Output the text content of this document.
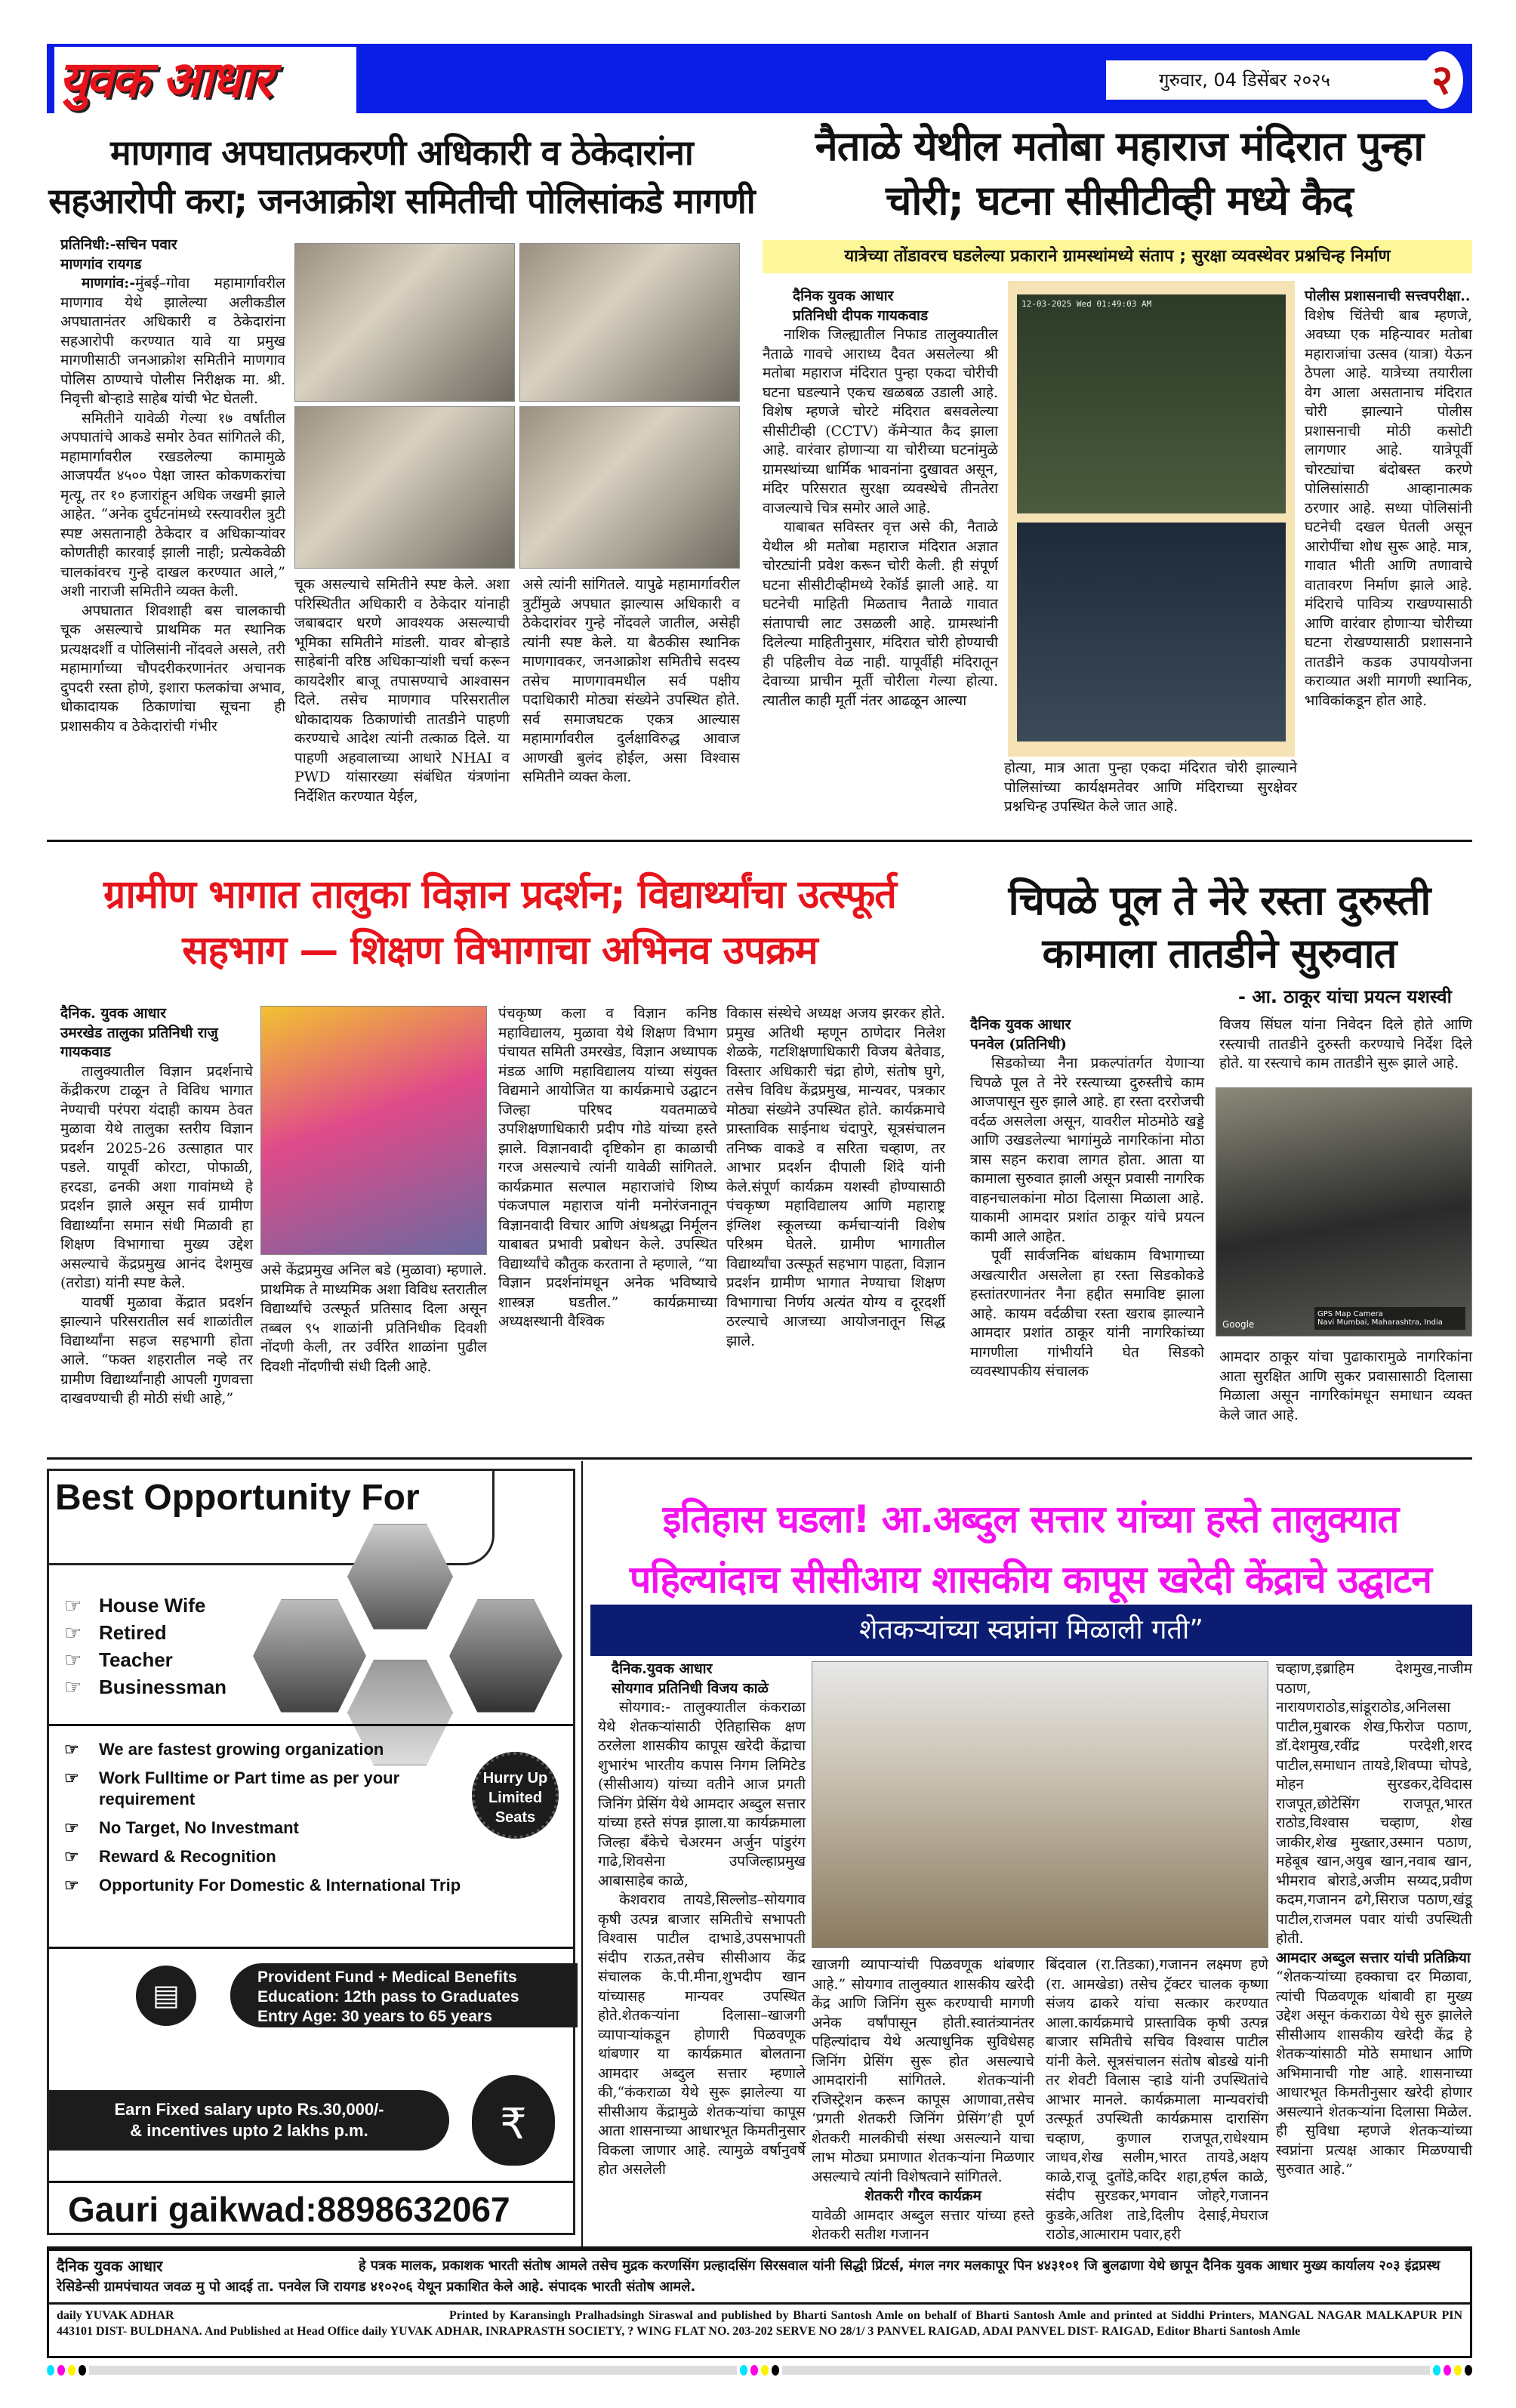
युवक आधार	गुरुवार, 04 डिसेंबर २०२५	२
माणगाव अपघातप्रकरणी अधिकारी व ठेकेदारांना
सहआरोपी करा; जनआक्रोश समितीची पोलिसांकडे मागणी
प्रतिनिधी:-सचिन पवार
माणगांव रायगड

माणगांव:-मुंबई–गोवा महामार्गावरील माणगाव येथे झालेल्या अलीकडील अपघातानंतर अधिकारी व ठेकेदारांना सहआरोपी करण्यात यावे या प्रमुख मागणीसाठी जनआक्रोश समितीने माणगाव पोलिस ठाण्याचे पोलीस निरीक्षक मा. श्री. निवृत्ती बोऱ्हाडे साहेब यांची भेट घेतली.

समितीने यावेळी गेल्या १७ वर्षांतील अपघातांचे आकडे समोर ठेवत सांगितले की, महामार्गावरील रखडलेल्या कामामुळे आजपर्यंत ४५०० पेक्षा जास्त कोकणकरांचा मृत्यू, तर १० हजारांहून अधिक जखमी झाले आहेत. “अनेक दुर्घटनांमध्ये रस्त्यावरील त्रुटी स्पष्ट असतानाही ठेकेदार व अधिकाऱ्यांवर कोणतीही कारवाई झाली नाही; प्रत्येकवेळी चालकांवरच गुन्हे दाखल करण्यात आले,” अशी नाराजी समितीने व्यक्त केली.

अपघातात शिवशाही बस चालकाची चूक असल्याचे प्राथमिक मत स्थानिक प्रत्यक्षदर्शी व पोलिसांनी नोंदवले असले, तरी महामार्गाच्या चौपदरीकरणानंतर अचानक दुपदरी रस्ता होणे, इशारा फलकांचा अभाव, धोकादायक ठिकाणांचा सूचना ही प्रशासकीय व ठेकेदारांची गंभीर

चूक असल्याचे समितीने स्पष्ट केले. अशा परिस्थितीत अधिकारी व ठेकेदार यांनाही जबाबदार धरणे आवश्यक असल्याची भूमिका समितीने मांडली. यावर बोऱ्हाडे साहेबांनी वरिष्ठ अधिकाऱ्यांशी चर्चा करून कायदेशीर बाजू तपासण्याचे आश्वासन दिले. तसेच माणगाव परिसरातील धोकादायक ठिकाणांची तातडीने पाहणी करण्याचे आदेश त्यांनी तत्काळ दिले. या पाहणी अहवालाच्या आधारे NHAI व PWD यांसारख्या संबंधित यंत्रणांना निर्देशित करण्यात येईल,
असे त्यांनी सांगितले. यापुढे महामार्गावरील त्रुटींमुळे अपघात झाल्यास अधिकारी व ठेकेदारांवर गुन्हे नोंदवले जातील, असेही त्यांनी स्पष्ट केले. या बैठकीस स्थानिक माणगावकर, जनआक्रोश समितीचे सदस्य तसेच माणगावमधील सर्व पक्षीय पदाधिकारी मोठ्या संख्येने उपस्थित होते. सर्व समाजघटक एकत्र आल्यास महामार्गावरील दुर्लक्षाविरुद्ध आवाज आणखी बुलंद होईल, असा विश्वास समितीने व्यक्त केला.
नैताळे येथील मतोबा महाराज मंदिरात पुन्हा
चोरी; घटना सीसीटीव्ही मध्ये कैद
यात्रेच्या तोंडावरच घडलेल्या प्रकाराने ग्रामस्थांमध्ये संताप ; सुरक्षा व्यवस्थेवर प्रश्नचिन्ह निर्माण
दैनिक युवक आधार
प्रतिनिधी दीपक गायकवाड

नाशिक जिल्ह्यातील निफाड तालुक्यातील नैताळे गावचे आराध्य दैवत असलेल्या श्री मतोबा महाराज मंदिरात पुन्हा एकदा चोरीची घटना घडल्याने एकच खळबळ उडाली आहे. विशेष म्हणजे चोरटे मंदिरात बसवलेल्या सीसीटीव्ही (CCTV) कॅमेऱ्यात कैद झाला आहे. वारंवार होणाऱ्या या चोरीच्या घटनांमुळे ग्रामस्थांच्या धार्मिक भावनांना दुखावत असून, मंदिर परिसरात सुरक्षा व्यवस्थेचे तीनतेरा वाजल्याचे चित्र समोर आले आहे.

याबाबत सविस्तर वृत्त असे की, नैताळे येथील श्री मतोबा महाराज मंदिरात अज्ञात चोरट्यांनी प्रवेश करून चोरी केली. ही संपूर्ण घटना सीसीटीव्हीमध्ये रेकॉर्ड झाली आहे. या घटनेची माहिती मिळताच नैताळे गावात संतापाची लाट उसळली आहे. ग्रामस्थांनी दिलेल्या माहितीनुसार, मंदिरात चोरी होण्याची ही पहिलीच वेळ नाही. यापूर्वीही मंदिरातून देवाच्या प्राचीन मूर्ती चोरीला गेल्या होत्या. त्यातील काही मूर्ती नंतर आढळून आल्या

12-03-2025 Wed 01:49:03 AM
होत्या, मात्र आता पुन्हा एकदा मंदिरात चोरी झाल्याने पोलिसांच्या कार्यक्षमतेवर आणि मंदिराच्या सुरक्षेवर प्रश्नचिन्ह उपस्थित केले जात आहे.
पोलीस प्रशासनाची सत्त्वपरीक्षा..
विशेष चिंतेची बाब म्हणजे, अवघ्या एक महिन्यावर मतोबा महाराजांचा उत्सव (यात्रा) येऊन ठेपला आहे. यात्रेच्या तयारीला वेग आला असतानाच मंदिरात चोरी झाल्याने पोलीस प्रशासनाची मोठी कसोटी लागणार आहे. यात्रेपूर्वी चोरट्यांचा बंदोबस्त करणे पोलिसांसाठी आव्हानात्मक ठरणार आहे. सध्या पोलिसांनी घटनेची दखल घेतली असून आरोपींचा शोध सुरू आहे. मात्र, गावात भीती आणि तणावाचे वातावरण निर्माण झाले आहे. मंदिराचे पावित्र्य राखण्यासाठी आणि वारंवार होणाऱ्या चोरीच्या घटना रोखण्यासाठी प्रशासनाने तातडीने कडक उपाययोजना कराव्यात अशी मागणी स्थानिक, भाविकांकडून होत आहे.
ग्रामीण भागात तालुका विज्ञान प्रदर्शन; विद्यार्थ्यांचा उत्स्फूर्त
सहभाग — शिक्षण विभागाचा अभिनव उपक्रम
दैनिक. युवक आधार
उमरखेड तालुका प्रतिनिधी राजु गायकवाड

तालुक्यातील विज्ञान प्रदर्शनाचे केंद्रीकरण टाळून ते विविध भागात नेण्याची परंपरा यंदाही कायम ठेवत मुळावा येथे तालुका स्तरीय विज्ञान प्रदर्शन 2025-26 उत्साहात पार पडले. यापूर्वी कोरटा, पोफाळी, हरदडा, ढनकी अशा गावांमध्ये हे प्रदर्शन झाले असून सर्व ग्रामीण विद्यार्थ्यांना समान संधी मिळावी हा शिक्षण विभागाचा मुख्य उद्देश असल्याचे केंद्रप्रमुख आनंद देशमुख (तरोडा) यांनी स्पष्ट केले.

यावर्षी मुळावा केंद्रात प्रदर्शन झाल्याने परिसरातील सर्व शाळांतील विद्यार्थ्यांना सहज सहभागी होता आले. “फक्त शहरातील नव्हे तर ग्रामीण विद्यार्थ्यांनाही आपली गुणवत्ता दाखवण्याची ही मोठी संधी आहे,”

असे केंद्रप्रमुख अनिल बडे (मुळावा) म्हणाले. प्राथमिक ते माध्यमिक अशा विविध स्तरातील विद्यार्थ्यांचे उत्स्फूर्त प्रतिसाद दिला असून तब्बल ९५ शाळांनी प्रतिनिधीक दिवशी नोंदणी केली, तर उर्वरित शाळांना पुढील दिवशी नोंदणीची संधी दिली आहे.
पंचकृष्ण कला व विज्ञान कनिष्ठ महाविद्यालय, मुळावा येथे शिक्षण विभाग पंचायत समिती उमरखेड, विज्ञान अध्यापक मंडळ आणि महाविद्यालय यांच्या संयुक्त विद्यमाने आयोजित या कार्यक्रमाचे उद्घाटन जिल्हा परिषद यवतमाळचे उपशिक्षणाधिकारी प्रदीप गोडे यांच्या हस्ते झाले. विज्ञानवादी दृष्टिकोन हा काळाची गरज असल्याचे त्यांनी यावेळी सांगितले. कार्यक्रमात सल्पाल महाराजांचे शिष्य पंकजपाल महाराज यांनी मनोरंजनातून विज्ञानवादी विचार आणि अंधश्रद्धा निर्मूलन याबाबत प्रभावी प्रबोधन केले. उपस्थित विद्यार्थ्यांचे कौतुक करताना ते म्हणाले, “या विज्ञान प्रदर्शनांमधून अनेक भविष्याचे शास्त्रज्ञ घडतील.” कार्यक्रमाच्या अध्यक्षस्थानी वैश्विक
विकास संस्थेचे अध्यक्ष अजय झरकर होते. प्रमुख अतिथी म्हणून ठाणेदार निलेश शेळके, गटशिक्षणाधिकारी विजय बेतेवाड, विस्तार अधिकारी चंद्रा होणे, संतोष घुगे, तसेच विविध केंद्रप्रमुख, मान्यवर, पत्रकार मोठ्या संख्येने उपस्थित होते. कार्यक्रमाचे प्रास्ताविक साईनाथ चंदापुरे, सूत्रसंचालन तनिष्क वाकडे व सरिता चव्हाण, तर आभार प्रदर्शन दीपाली शिंदे यांनी केले.संपूर्ण कार्यक्रम यशस्वी होण्यासाठी पंचकृष्ण महाविद्यालय आणि महाराष्ट्र इंग्लिश स्कूलच्या कर्मचाऱ्यांनी विशेष परिश्रम घेतले. ग्रामीण भागातील विद्यार्थ्यांचा उत्स्फूर्त सहभाग पाहता, विज्ञान प्रदर्शन ग्रामीण भागात नेण्याचा शिक्षण विभागाचा निर्णय अत्यंत योग्य व दूरदर्शी ठरल्याचे आजच्या आयोजनातून सिद्ध झाले.
चिपळे पूल ते नेरे रस्ता दुरुस्ती
कामाला तातडीने सुरुवात
- आ. ठाकूर यांचा प्रयत्न यशस्वी
दैनिक युवक आधार
पनवेल (प्रतिनिधी)

सिडकोच्या नैना प्रकल्पांतर्गत येणाऱ्या चिपळे पूल ते नेरे रस्त्याच्या दुरुस्तीचे काम आजपासून सुरु झाले आहे. हा रस्ता दररोजची वर्दळ असलेला असून, यावरील मोठमोठे खड्डे आणि उखडलेल्या भागांमुळे नागरिकांना मोठा त्रास सहन करावा लागत होता. आता या कामाला सुरुवात झाली असून प्रवासी नागरिक वाहनचालकांना मोठा दिलासा मिळाला आहे. याकामी आमदार प्रशांत ठाकूर यांचे प्रयत्न कामी आले आहेत.

पूर्वी सार्वजनिक बांधकाम विभागाच्या अखत्यारीत असलेला हा रस्ता सिडकोकडे हस्तांतरणानंतर नैना हद्दीत समाविष्ट झाला आहे. कायम वर्दळीचा रस्ता खराब झाल्याने आमदार प्रशांत ठाकूर यांनी नागरिकांच्या मागणीला गांभीर्याने घेत सिडको व्यवस्थापकीय संचालक

विजय सिंघल यांना निवेदन दिले होते आणि रस्त्याची तातडीने दुरुस्ती करण्याचे निर्देश दिले होते. या रस्त्याचे काम तातडीने सुरू झाले आहे.
GPS Map Camera
Navi Mumbai, Maharashtra, India
Google
आमदार ठाकूर यांचा पुढाकारामुळे नागरिकांना आता सुरक्षित आणि सुकर प्रवासासाठी दिलासा मिळाला असून नागरिकांमधून समाधान व्यक्त केले जात आहे.
Best Opportunity For
☞ House Wife
☞ Retired
☞ Teacher
☞ Businessman
☞	We are fastest growing organization
☞	Work Fulltime or Part time as per your requirement
☞	No Target, No Investmant
☞	Reward & Recognition
☞	Opportunity For Domestic & International Trip
Hurry Up Limited Seats
▤
Provident Fund + Medical Benefits
Education: 12th pass to Graduates
Entry Age: 30 years to 65 years
Earn Fixed salary upto Rs.30,000/-
& incentives upto 2 lakhs p.m.	₹
Gauri gaikwad:8898632067
इतिहास घडला! आ.अब्दुल सत्तार यांच्या हस्ते तालुक्यात
पहिल्यांदाच सीसीआय शासकीय कापूस खरेदी केंद्राचे उद्घाटन
शेतकऱ्यांच्या स्वप्नांना मिळाली गती”
दैनिक.युवक आधार
सोयगाव प्रतिनिधी विजय काळे

सोयगाव:- तालुक्यातील कंकराळा येथे शेतकऱ्यांसाठी ऐतिहासिक क्षण ठरलेला शासकीय कापूस खरेदी केंद्राचा शुभारंभ भारतीय कपास निगम लिमिटेड (सीसीआय) यांच्या वतीने आज प्रगती जिनिंग प्रेसिंग येथे आमदार अब्दुल सत्तार यांच्या हस्ते संपन्न झाला.या कार्यक्रमाला जिल्हा बँकेचे चेअरमन अर्जुन पांडुरंग गाढे,शिवसेना उपजिल्हाप्रमुख आबासाहेब काळे,

केशवराव तायडे,सिल्लोड–सोयगाव कृषी उत्पन्न बाजार समितीचे सभापती विश्वास पाटील दाभाडे,उपसभापती संदीप राऊत,तसेच सीसीआय केंद्र संचालक के.पी.मीना,शुभदीप खान यांच्यासह मान्यवर उपस्थित होते.शेतकऱ्यांना दिलासा–खाजगी व्यापाऱ्यांकडून होणारी पिळवणूक थांबणार या कार्यक्रमात बोलताना आमदार अब्दुल सत्तार म्हणाले की,“कंकराळा येथे सुरू झालेल्या या सीसीआय केंद्रामुळे शेतकऱ्यांचा कापूस आता शासनाच्या आधारभूत किमतीनुसार विकला जाणार आहे. त्यामुळे वर्षानुवर्षे होत असलेली

खाजगी व्यापाऱ्यांची पिळवणूक थांबणार आहे.” सोयगाव तालुक्यात शासकीय खरेदी केंद्र आणि जिनिंग सुरू करण्याची मागणी अनेक वर्षांपासून होती.स्वातंत्र्यानंतर पहिल्यांदाच येथे अत्याधुनिक सुविधेसह जिनिंग प्रेसिंग सुरू होत असल्याचे आमदारांनी सांगितले. शेतकऱ्यांनी रजिस्ट्रेशन करून कापूस आणावा,तसेच ‘प्रगती शेतकरी जिनिंग प्रेसिंग’ही पूर्ण शेतकरी मालकीची संस्था असल्याने याचा लाभ मोठ्या प्रमाणात शेतकऱ्यांना मिळणार असल्याचे त्यांनी विशेषत्वाने सांगितले.
शेतकरी गौरव कार्यक्रम
यावेळी आमदार अब्दुल सत्तार यांच्या हस्ते शेतकरी सतीश गजानन
बिंदवाल (रा.तिडका),गजानन लक्ष्मण हणे (रा. आमखेडा) तसेच ट्रॅक्टर चालक कृष्णा संजय ढाकरे यांचा सत्कार करण्यात आला.कार्यक्रमाचे प्रास्ताविक कृषी उत्पन्न बाजार समितीचे सचिव विश्वास पाटील यांनी केले. सूत्रसंचालन संतोष बोडखे यांनी तर शेवटी विलास ऱ्हाडे यांनी उपस्थितांचे आभार मानले. कार्यक्रमाला मान्यवरांची उत्स्फूर्त उपस्थिती कार्यक्रमास दारासिंग चव्हाण, कुणाल राजपूत,राधेश्याम जाधव,शेख सलीम,भारत तायडे,अक्षय काळे,राजू दुतोंडे,कदिर शहा,हर्षल काळे, संदीप सुरडकर,भगवान जोहरे,गजानन कुडके,अतिश ताडे,दिलीप देसाई,मेघराज राठोड,आत्माराम पवार,हरी
चव्हाण,इब्राहिम देशमुख,नाजीम पठाण, नारायणराठोड,सांडूराठोड,अनिलसा पाटील,मुबारक शेख,फिरोज पठाण, डॉ.देशमुख,रवींद्र परदेशी,शरद पाटील,समाधान तायडे,शिवप्पा चोपडे, मोहन सुरडकर,देविदास राजपूत,छोटेसिंग राजपूत,भारत राठोड,विश्वास चव्हाण, शेख जाकीर,शेख मुख्तार,उस्मान पठाण, महेबूब खान,अयुब खान,नवाब खान, भीमराव बोराडे,अजीम सय्यद,प्रवीण कदम,गजानन ढगे,सिराज पठाण,खंडू पाटील,राजमल पवार यांची उपस्थिती होती.
आमदार अब्दुल सत्तार यांची प्रतिक्रिया
“शेतकऱ्यांच्या हक्काचा दर मिळावा, त्यांची पिळवणूक थांबावी हा मुख्य उद्देश असून कंकराळा येथे सुरु झालेले सीसीआय शासकीय खरेदी केंद्र हे शेतकऱ्यांसाठी मोठे समाधान आणि अभिमानाची गोष्ट आहे. शासनाच्या आधारभूत किमतीनुसार खरेदी होणार असल्याने शेतकऱ्यांना दिलासा मिळेल. ही सुविधा म्हणजे शेतकऱ्यांच्या स्वप्नांना प्रत्यक्ष आकार मिळण्याची सुरुवात आहे.”
दैनिक युवक आधार	हे पत्रक मालक, प्रकाशक भारती संतोष आमले तसेच मुद्रक करणसिंग प्रल्हादसिंग सिरसवाल यांनी सिद्धी प्रिंटर्स, मंगल नगर मलकापूर पिन ४४३१०१ जि बुलढाणा येथे छापून दैनिक युवक आधार मुख्य कार्यालय २०३ इंद्रप्रस्थ रेसिडेन्सी ग्रामपंचायत जवळ मु पो आदई ता. पनवेल जि रायगड ४१०२०६ येथून प्रकाशित केले आहे. संपादक भारती संतोष आमले.
daily YUVAK ADHAR	Printed by Karansingh Pralhadsingh Siraswal and published by Bharti Santosh Amle on behalf of Bharti Santosh Amle and printed at Siddhi Printers, MANGAL NAGAR MALKAPUR PIN 443101 DIST- BULDHANA. And Published at Head Office daily YUVAK ADHAR, INRAPRASTH SOCIETY, ? WING FLAT NO. 203-202 SERVE NO 28/1/ 3 PANVEL RAIGAD, ADAI PANVEL DIST- RAIGAD, Editor Bharti Santosh Amle
